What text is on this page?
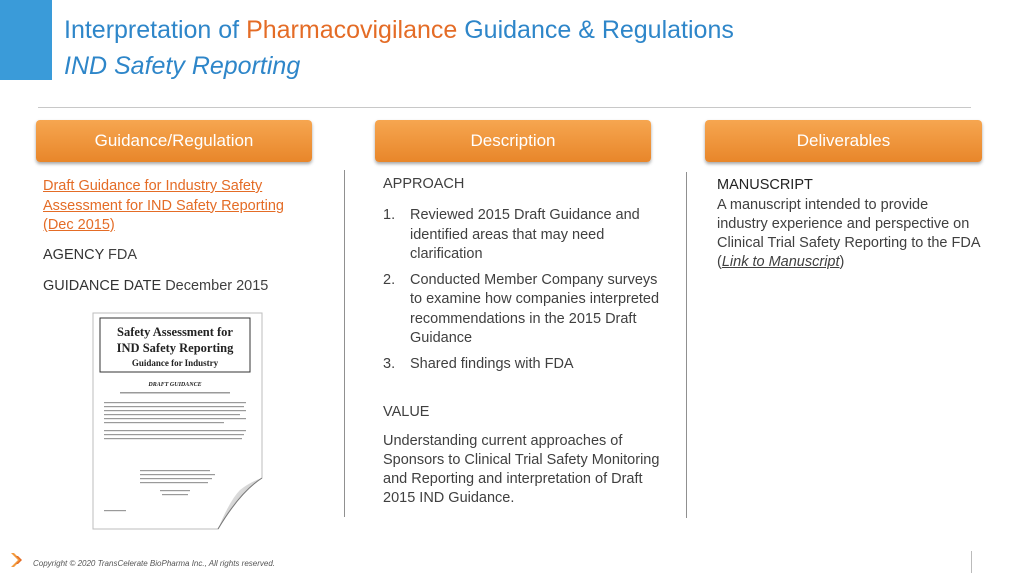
Interpretation of Pharmacovigilance Guidance & Regulations
IND Safety Reporting
Guidance/Regulation	Description	Deliverables
Draft Guidance for Industry Safety Assessment for IND Safety Reporting (Dec 2015)
AGENCY FDA
GUIDANCE DATE December 2015
Safety Assessment for
IND Safety Reporting
Guidance for Industry
DRAFT GUIDANCE
APPROACH
1. Reviewed 2015 Draft Guidance and identified areas that may need clarification
2. Conducted Member Company surveys to examine how companies interpreted recommendations in the 2015 Draft Guidance
3. Shared findings with FDA
VALUE
Understanding current approaches of Sponsors to Clinical Trial Safety Monitoring and Reporting and interpretation of Draft 2015 IND Guidance.
MANUSCRIPT
A manuscript intended to provide industry experience and perspective on Clinical Trial Safety Reporting to the FDA
(Link to Manuscript)
Copyright © 2020 TransCelerate BioPharma Inc., All rights reserved.
